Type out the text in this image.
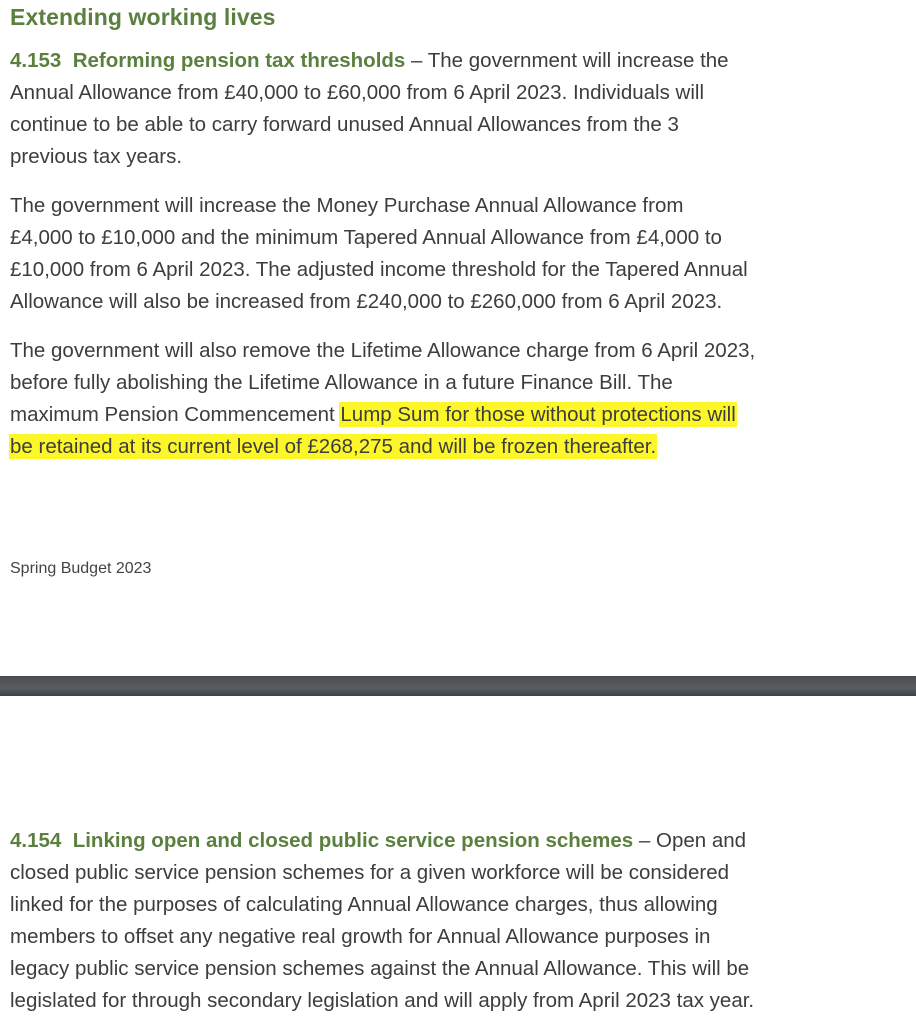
Extending working lives

4.153 Reforming pension tax thresholds – The government will increase the
Annual Allowance from £40,000 to £60,000 from 6 April 2023. Individuals will
continue to be able to carry forward unused Annual Allowances from the 3
previous tax years.

The government will increase the Money Purchase Annual Allowance from
£4,000 to £10,000 and the minimum Tapered Annual Allowance from £4,000 to
£10,000 from 6 April 2023. The adjusted income threshold for the Tapered Annual
Allowance will also be increased from £240,000 to £260,000 from 6 April 2023.

The government will also remove the Lifetime Allowance charge from 6 April 2023,
before fully abolishing the Lifetime Allowance in a future Finance Bill. The
maximum Pension Commencement Lump Sum for those without protections will
be retained at its current level of £268,275 and will be frozen thereafter.

Spring Budget 2023

4.154 Linking open and closed public service pension schemes – Open and
closed public service pension schemes for a given workforce will be considered
linked for the purposes of calculating Annual Allowance charges, thus allowing
members to offset any negative real growth for Annual Allowance purposes in
legacy public service pension schemes against the Annual Allowance. This will be
legislated for through secondary legislation and will apply from April 2023 tax year.
